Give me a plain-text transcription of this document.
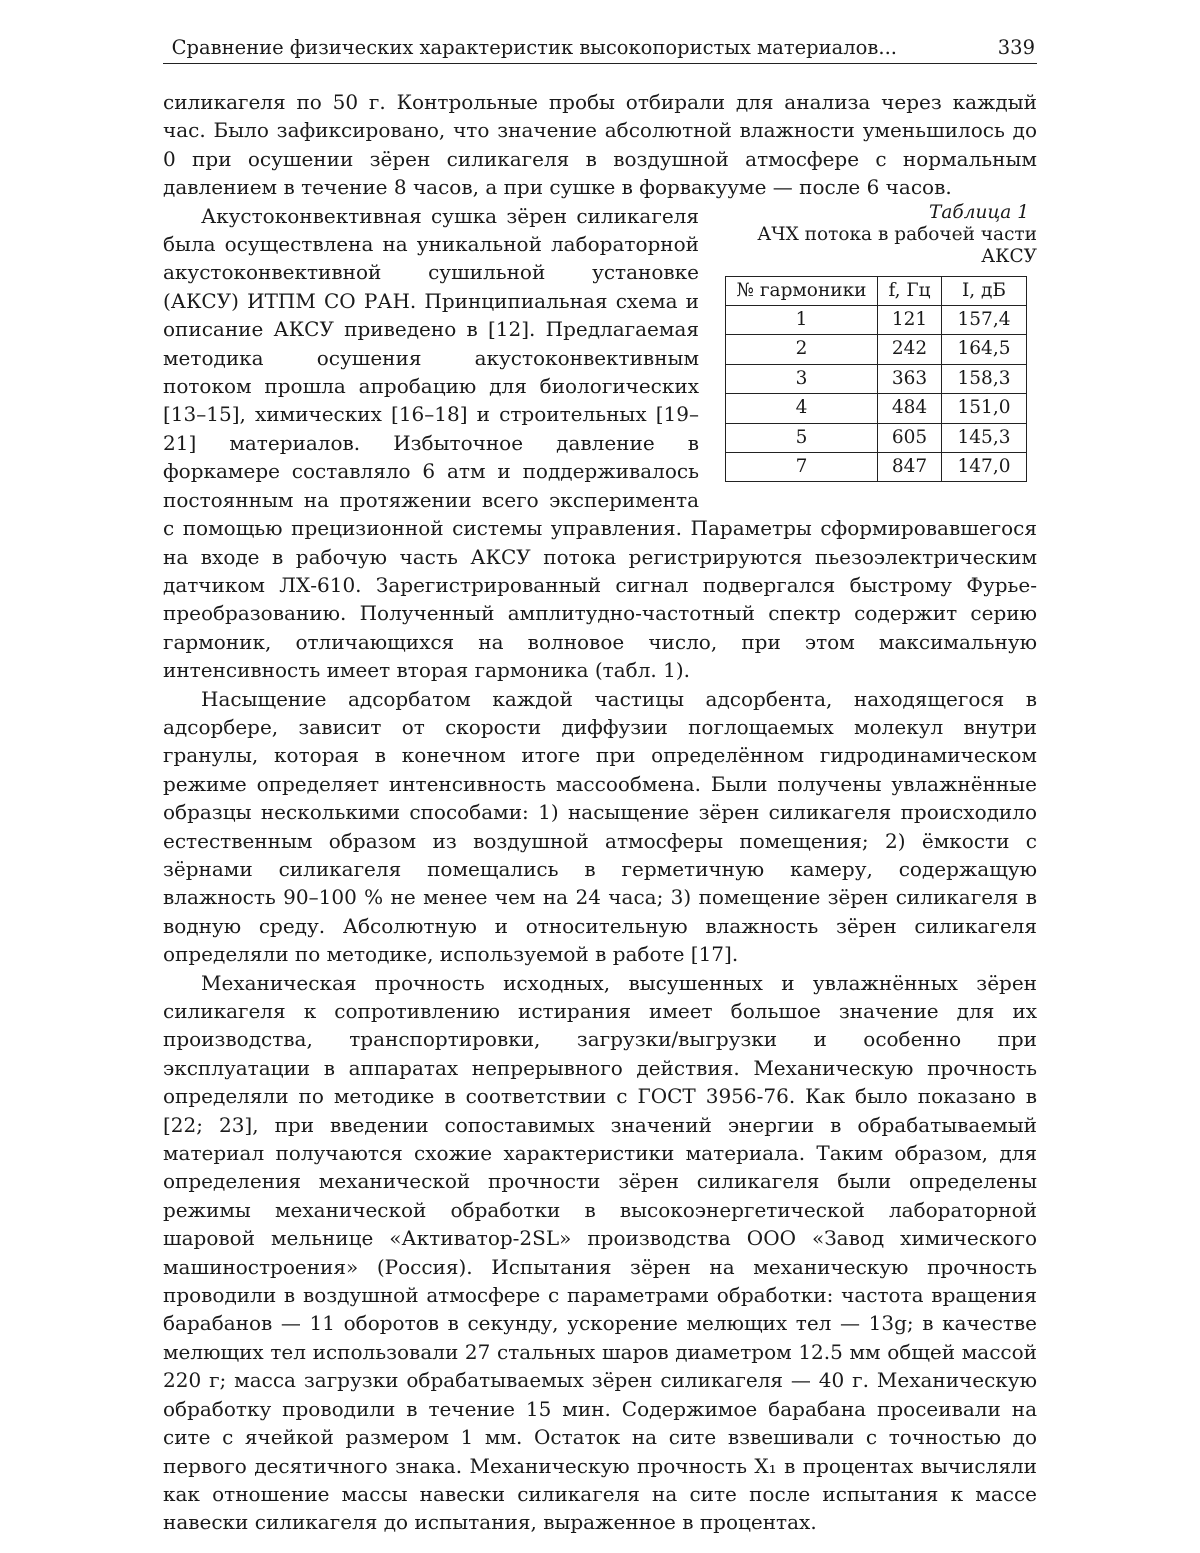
Сравнение физических характеристик высокопористых материалов...	339

силикагеля по 50 г. Контрольные пробы отбирали для анализа через каждый час. Было зафиксировано, что значение абсолютной влажности уменьшилось до 0 при осушении зёрен силикагеля в воздушной атмосфере с нормальным давлением в течение 8 часов, а при сушке в форвакууме — после 6 часов.

Таблица 1
АЧХ потока в рабочей части АКСУ
№ гармоники	f, Гц	I, дБ
1	121	157,4
2	242	164,5
3	363	158,3
4	484	151,0
5	605	145,3
7	847	147,0

Акустоконвективная сушка зёрен силикагеля была осуществлена на уникальной лабораторной акустоконвективной сушильной установке (АКСУ) ИТПМ СО РАН. Принципиальная схема и описание АКСУ приведено в [12]. Предлагаемая методика осушения акустоконвективным потоком прошла апробацию для биологических [13–15], химических [16–18] и строительных [19–21] материалов. Избыточное давление в форкамере составляло 6 атм и поддерживалось постоянным на протяжении всего эксперимента с помощью прецизионной системы управления. Параметры сформировавшегося на входе в рабочую часть АКСУ потока регистрируются пьезоэлектрическим датчиком ЛХ-610. Зарегистрированный сигнал подвергался быстрому Фурье-преобразованию. Полученный амплитудно-частотный спектр содержит серию гармоник, отличающихся на волновое число, при этом максимальную интенсивность имеет вторая гармоника (табл. 1).

Насыщение адсорбатом каждой частицы адсорбента, находящегося в адсорбере, зависит от скорости диффузии поглощаемых молекул внутри гранулы, которая в конечном итоге при определённом гидродинамическом режиме определяет интенсивность массообмена. Были получены увлажнённые образцы несколькими способами: 1) насыщение зёрен силикагеля происходило естественным образом из воздушной атмосферы помещения; 2) ёмкости с зёрнами силикагеля помещались в герметичную камеру, содержащую влажность 90–100 % не менее чем на 24 часа; 3) помещение зёрен силикагеля в водную среду. Абсолютную и относительную влажность зёрен силикагеля определяли по методике, используемой в работе [17].

Механическая прочность исходных, высушенных и увлажнённых зёрен силикагеля к сопротивлению истирания имеет большое значение для их производства, транспортировки, загрузки/выгрузки и особенно при эксплуатации в аппаратах непрерывного действия. Механическую прочность определяли по методике в соответствии с ГОСТ 3956-76. Как было показано в [22; 23], при введении сопоставимых значений энергии в обрабатываемый материал получаются схожие характеристики материала. Таким образом, для определения механической прочности зёрен силикагеля были определены режимы механической обработки в высокоэнергетической лабораторной шаровой мельнице «Активатор-2SL» производства ООО «Завод химического машиностроения» (Россия). Испытания зёрен на механическую прочность проводили в воздушной атмосфере с параметрами обработки: частота вращения барабанов — 11 оборотов в секунду, ускорение мелющих тел — 13g; в качестве мелющих тел использовали 27 стальных шаров диаметром 12.5 мм общей массой 220 г; масса загрузки обрабатываемых зёрен силикагеля — 40 г. Механическую обработку проводили в течение 15 мин. Содержимое барабана просеивали на сите с ячейкой размером 1 мм. Остаток на сите взвешивали с точностью до первого десятичного знака. Механическую прочность X₁ в процентах вычисляли как отношение массы навески силикагеля на сите после испытания к массе навески силикагеля до испытания, выраженное в процентах.
